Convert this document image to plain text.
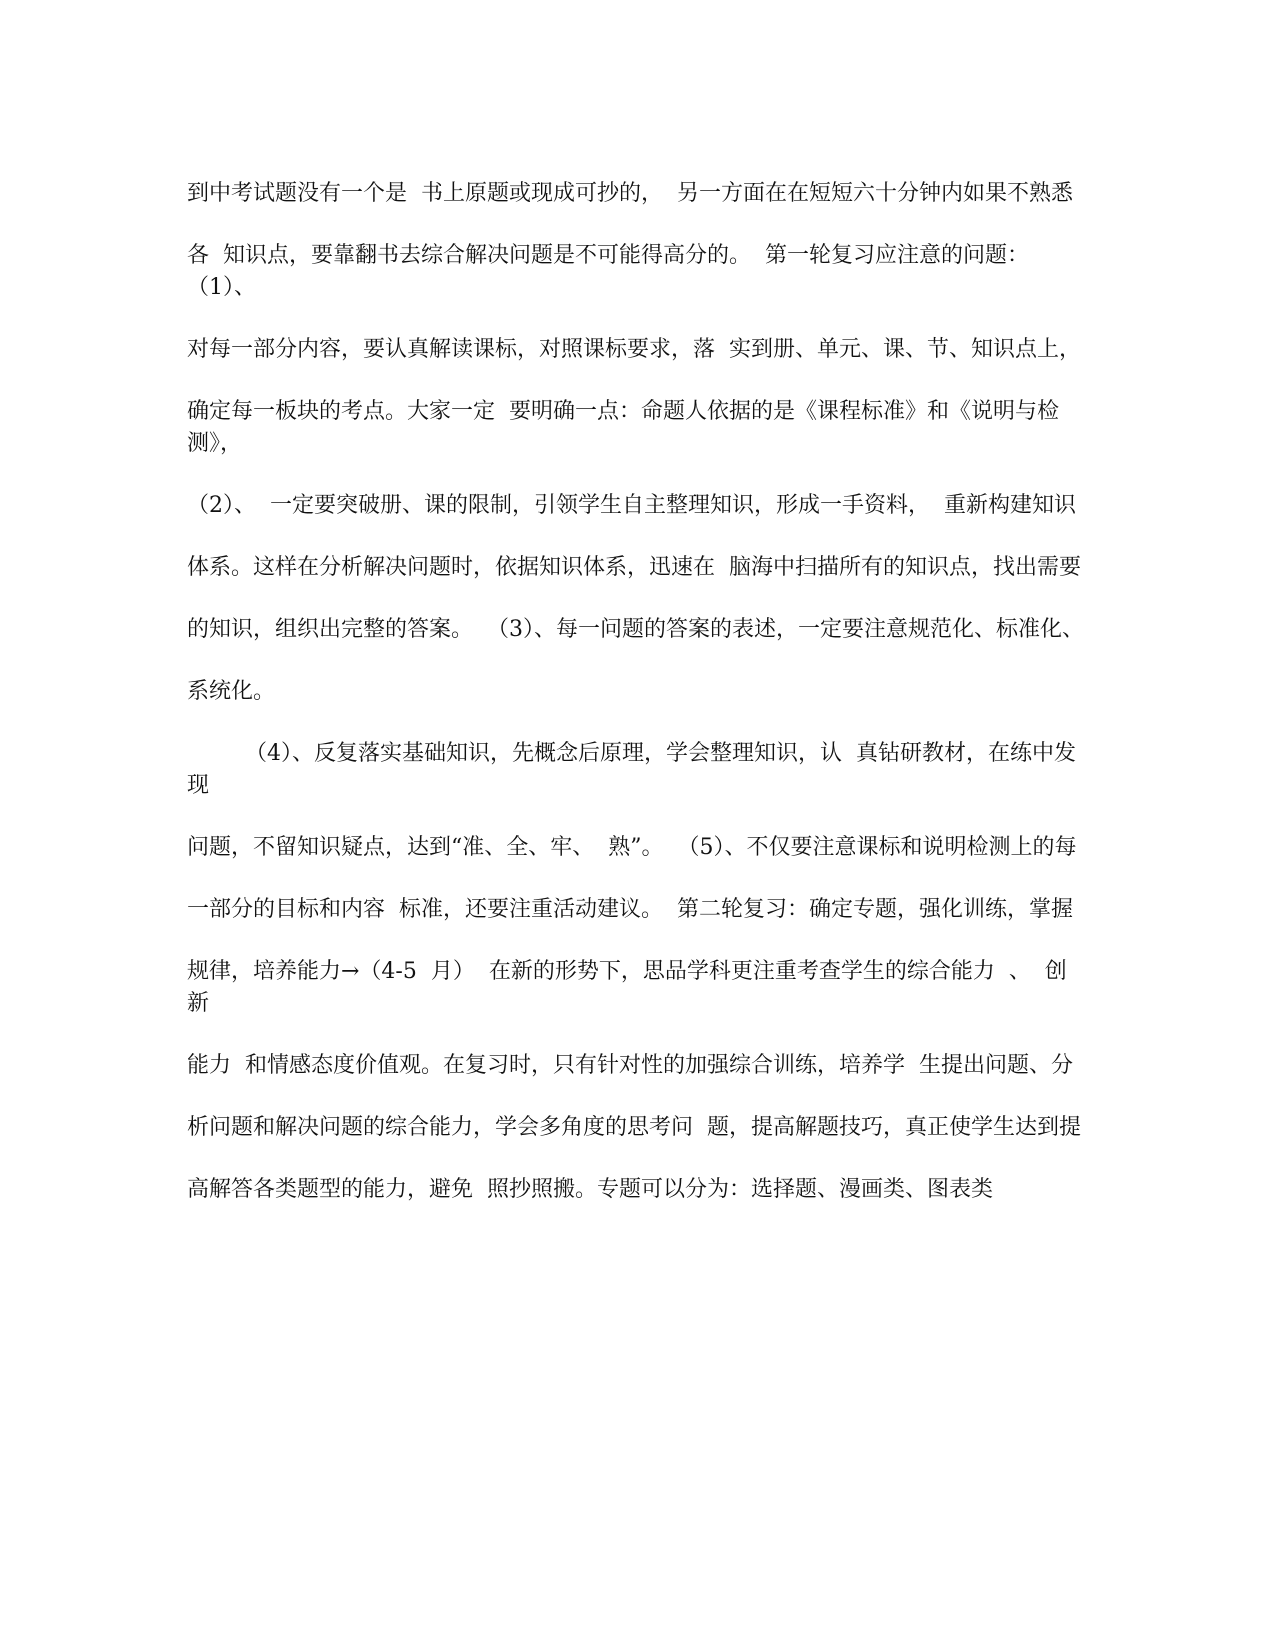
到中考试题没有一个是  书上原题或现成可抄的，  另一方面在在短短六十分钟内如果不熟悉

各  知识点，要靠翻书去综合解决问题是不可能得高分的。  第一轮复习应注意的问题：  （1）、

对每一部分内容，要认真解读课标，对照课标要求，落  实到册、单元、课、节、知识点上，

确定每一板块的考点。大家一定  要明确一点：命题人依据的是《课程标准》和《说明与检测》，

（2）、  一定要突破册、课的限制，引领学生自主整理知识，形成一手资料，  重新构建知识

体系。这样在分析解决问题时，依据知识体系，迅速在  脑海中扫描所有的知识点，找出需要

的知识，组织出完整的答案。  （3）、每一问题的答案的表述，一定要注意规范化、标准化、

系统化。

（4）、反复落实基础知识，先概念后原理，学会整理知识，认  真钻研教材，在练中发现

问题，不留知识疑点，达到“准、全、牢、  熟”。  （5）、不仅要注意课标和说明检测上的每

一部分的目标和内容  标准，还要注重活动建议。  第二轮复习：确定专题，强化训练，掌握

规律，培养能力→（4-5  月）  在新的形势下，思品学科更注重考查学生的综合能力  、  创新

能力  和情感态度价值观。在复习时，只有针对性的加强综合训练，培养学  生提出问题、分

析问题和解决问题的综合能力，学会多角度的思考问  题，提高解题技巧，真正使学生达到提

高解答各类题型的能力，避免  照抄照搬。专题可以分为：选择题、漫画类、图表类
